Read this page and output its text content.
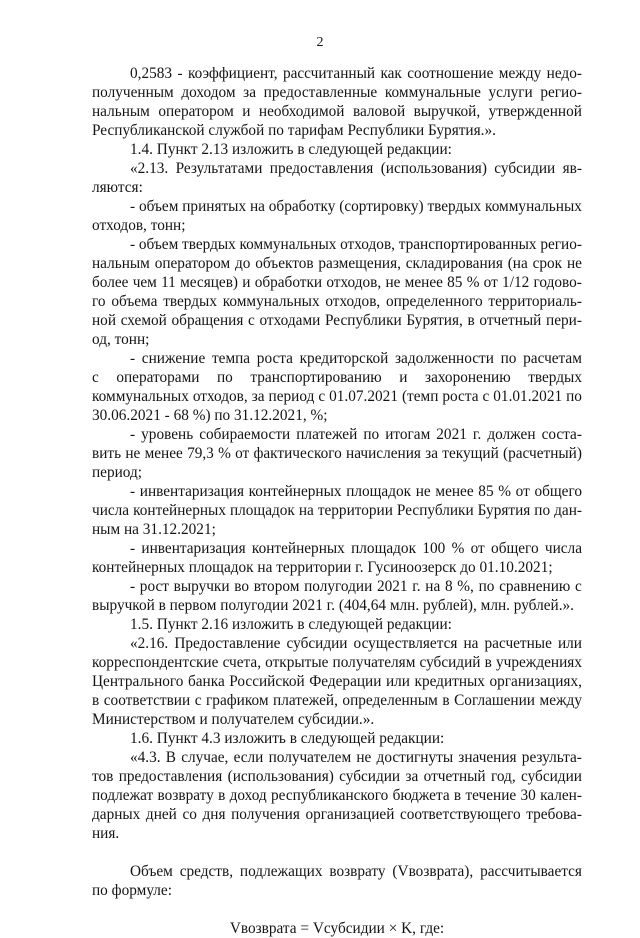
2
0,2583 - коэффициент, рассчитанный как соотношение между недо-
полученным доходом за предоставленные коммунальные услуги регио-
нальным оператором и необходимой валовой выручкой, утвержденной
Республиканской службой по тарифам Республики Бурятия.».
1.4. Пункт 2.13 изложить в следующей редакции:
«2.13. Результатами предоставления (использования) субсидии яв-
ляются:
- объем принятых на обработку (сортировку) твердых коммунальных
отходов, тонн;
- объем твердых коммунальных отходов, транспортированных регио-
нальным оператором до объектов размещения, складирования (на срок не
более чем 11 месяцев) и обработки отходов, не менее 85 % от 1/12 годово-
го объема твердых коммунальных отходов, определенного территориаль-
ной схемой обращения с отходами Республики Бурятия, в отчетный пери-
од, тонн;
- снижение темпа роста кредиторской задолженности по расчетам
с операторами по транспортированию и захоронению твердых
коммунальных отходов, за период с 01.07.2021 (темп роста с 01.01.2021 по
30.06.2021 - 68 %) по 31.12.2021, %;
- уровень собираемости платежей по итогам 2021 г. должен соста-
вить не менее 79,3 % от фактического начисления за текущий (расчетный)
период;
- инвентаризация контейнерных площадок не менее 85 % от общего
числа контейнерных площадок на территории Республики Бурятия по дан-
ным на 31.12.2021;
- инвентаризация контейнерных площадок 100 % от общего числа
контейнерных площадок на территории г. Гусиноозерск до 01.10.2021;
- рост выручки во втором полугодии 2021 г. на 8 %, по сравнению с
выручкой в первом полугодии 2021 г. (404,64 млн. рублей), млн. рублей.».
1.5. Пункт 2.16 изложить в следующей редакции:
«2.16. Предоставление субсидии осуществляется на расчетные или
корреспондентские счета, открытые получателям субсидий в учреждениях
Центрального банка Российской Федерации или кредитных организациях,
в соответствии с графиком платежей, определенным в Соглашении между
Министерством и получателем субсидии.».
1.6. Пункт 4.3 изложить в следующей редакции:
«4.3. В случае, если получателем не достигнуты значения результа-
тов предоставления (использования) субсидии за отчетный год, субсидии
подлежат возврату в доход республиканского бюджета в течение 30 кален-
дарных дней со дня получения организацией соответствующего требова-
ния.
Объем средств, подлежащих возврату (Vвозврата), рассчитывается
по формуле:
Vвозврата = Vсубсидии × K, где:
